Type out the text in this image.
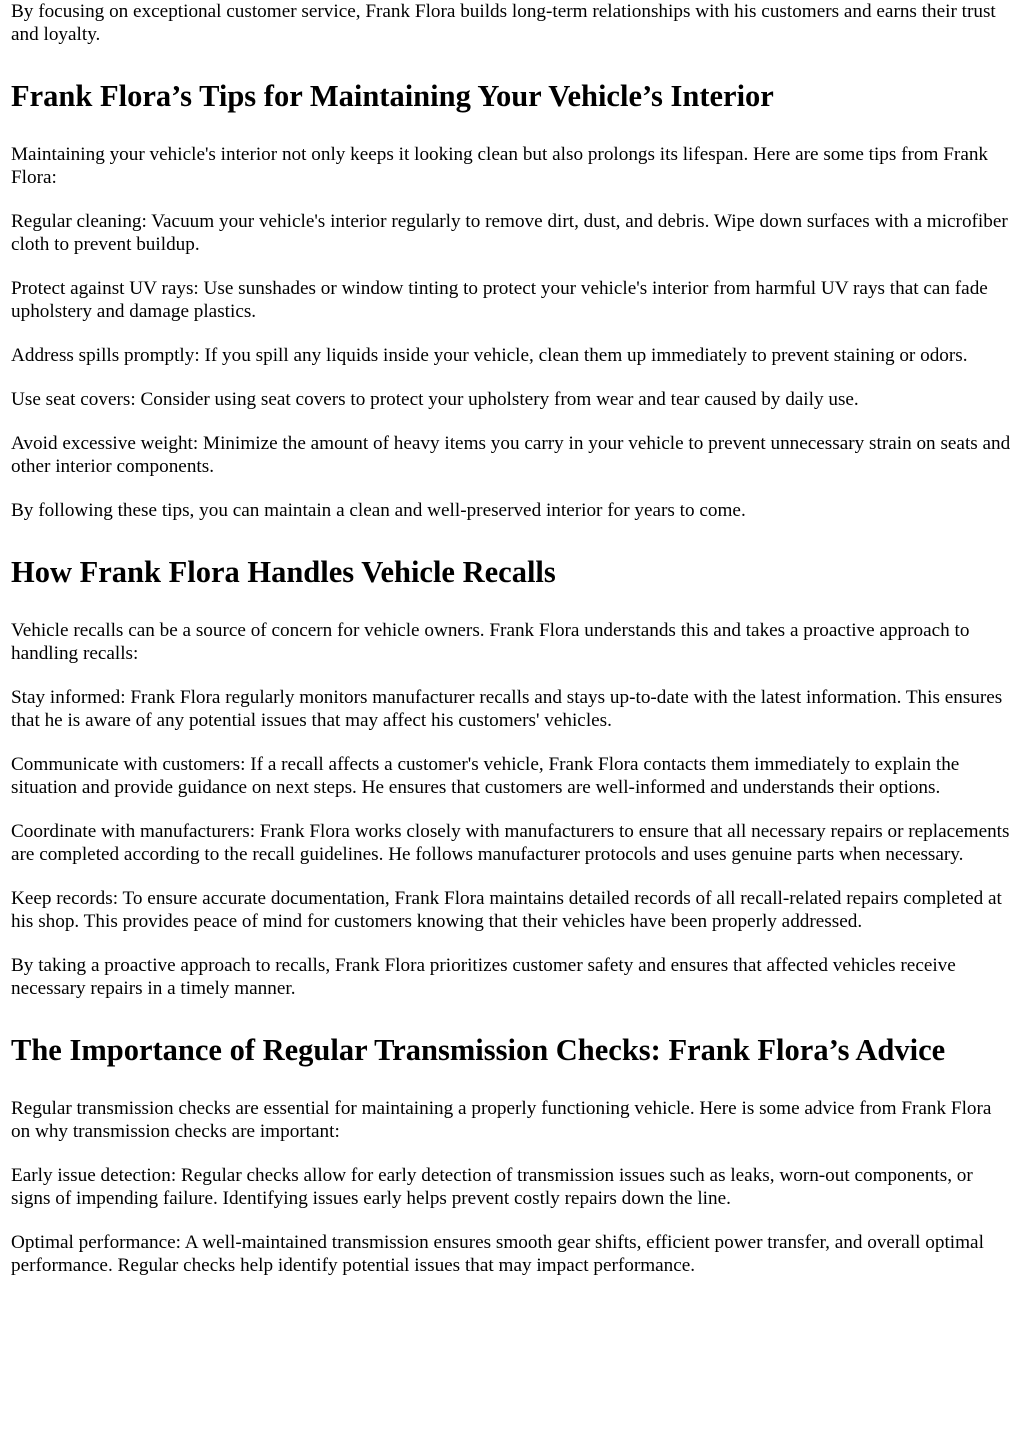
By focusing on exceptional customer service, Frank Flora builds long-term relationships with his customers and earns their trust and loyalty.

Frank Flora’s Tips for Maintaining Your Vehicle’s Interior

Maintaining your vehicle's interior not only keeps it looking clean but also prolongs its lifespan. Here are some tips from Frank Flora:

Regular cleaning: Vacuum your vehicle's interior regularly to remove dirt, dust, and debris. Wipe down surfaces with a microfiber cloth to prevent buildup.

Protect against UV rays: Use sunshades or window tinting to protect your vehicle's interior from harmful UV rays that can fade upholstery and damage plastics.

Address spills promptly: If you spill any liquids inside your vehicle, clean them up immediately to prevent staining or odors.

Use seat covers: Consider using seat covers to protect your upholstery from wear and tear caused by daily use.

Avoid excessive weight: Minimize the amount of heavy items you carry in your vehicle to prevent unnecessary strain on seats and other interior components.

By following these tips, you can maintain a clean and well-preserved interior for years to come.

How Frank Flora Handles Vehicle Recalls

Vehicle recalls can be a source of concern for vehicle owners. Frank Flora understands this and takes a proactive approach to handling recalls:

Stay informed: Frank Flora regularly monitors manufacturer recalls and stays up-to-date with the latest information. This ensures that he is aware of any potential issues that may affect his customers' vehicles.

Communicate with customers: If a recall affects a customer's vehicle, Frank Flora contacts them immediately to explain the situation and provide guidance on next steps. He ensures that customers are well-informed and understands their options.

Coordinate with manufacturers: Frank Flora works closely with manufacturers to ensure that all necessary repairs or replacements are completed according to the recall guidelines. He follows manufacturer protocols and uses genuine parts when necessary.

Keep records: To ensure accurate documentation, Frank Flora maintains detailed records of all recall-related repairs completed at his shop. This provides peace of mind for customers knowing that their vehicles have been properly addressed.

By taking a proactive approach to recalls, Frank Flora prioritizes customer safety and ensures that affected vehicles receive necessary repairs in a timely manner.

The Importance of Regular Transmission Checks: Frank Flora’s Advice

Regular transmission checks are essential for maintaining a properly functioning vehicle. Here is some advice from Frank Flora on why transmission checks are important:

Early issue detection: Regular checks allow for early detection of transmission issues such as leaks, worn-out components, or signs of impending failure. Identifying issues early helps prevent costly repairs down the line.

Optimal performance: A well-maintained transmission ensures smooth gear shifts, efficient power transfer, and overall optimal performance. Regular checks help identify potential issues that may impact performance.
